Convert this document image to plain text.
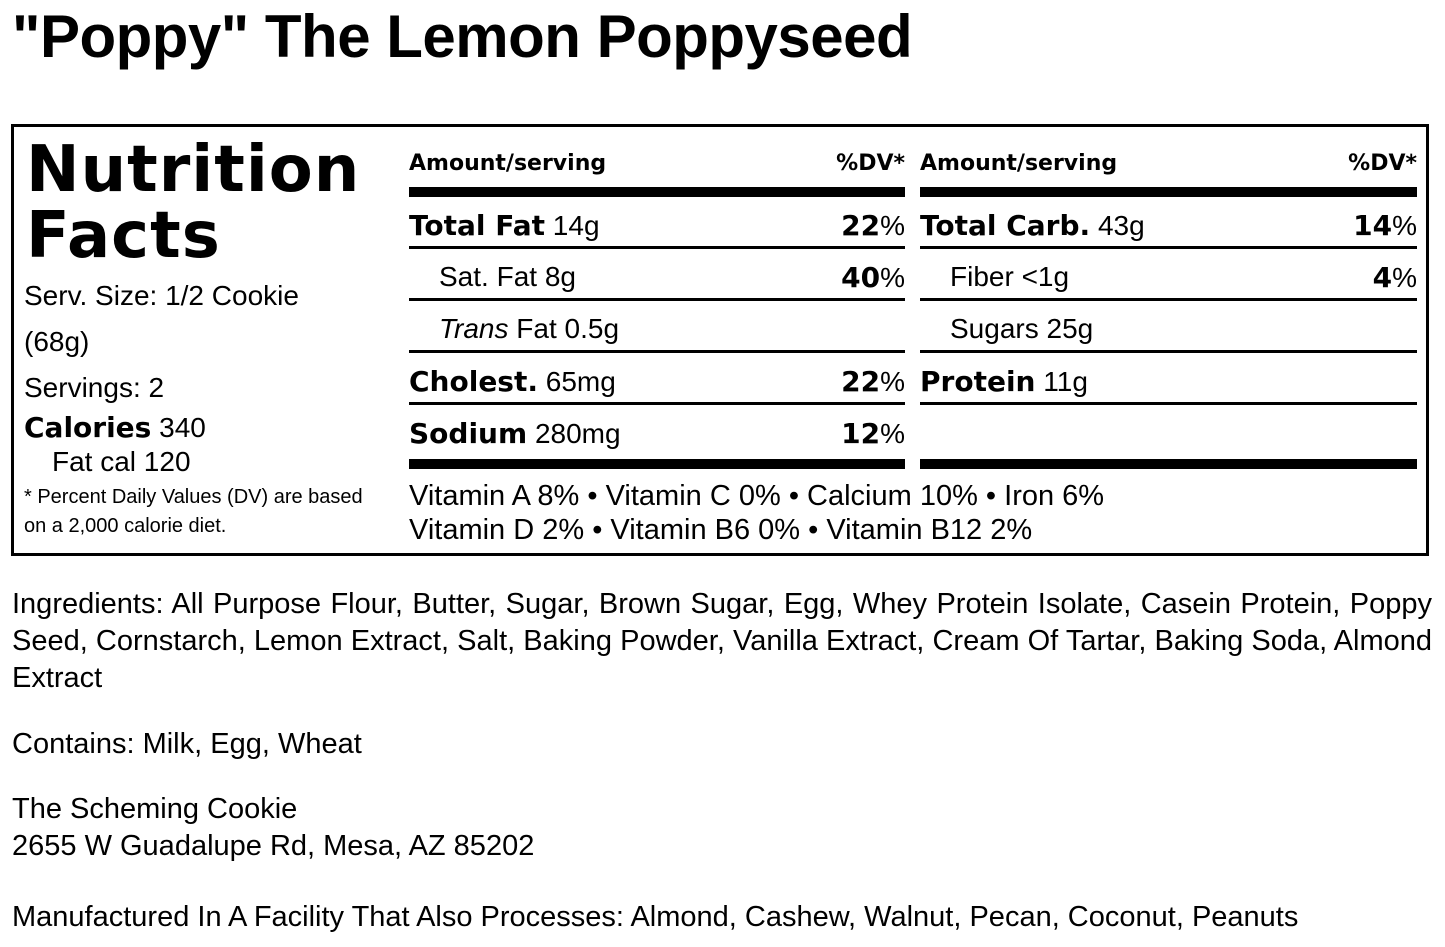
"Poppy" The Lemon Poppyseed
Nutrition
Facts
Serv. Size: 1/2 Cookie
(68g)
Servings: 2
Calories 340
Fat cal 120
* Percent Daily Values (DV) are based on a 2,000 calorie diet.
Amount/serving	%DV*
Total Fat 14g	22%
Sat. Fat 8g	40%
Trans Fat 0.5g
Cholest. 65mg	22%
Sodium 280mg	12%
Amount/serving	%DV*
Total Carb. 43g	14%
Fiber <1g	4%
Sugars 25g
Protein 11g
Vitamin A 8% • Vitamin C 0% • Calcium 10% • Iron 6%
Vitamin D 2% • Vitamin B6 0% • Vitamin B12 2%
Ingredients: All Purpose Flour, Butter, Sugar, Brown Sugar, Egg, Whey Protein Isolate, Casein Protein, Poppy Seed, Cornstarch, Lemon Extract, Salt, Baking Powder, Vanilla Extract, Cream Of Tartar, Baking Soda, Almond Extract
Contains: Milk, Egg, Wheat
The Scheming Cookie
2655 W Guadalupe Rd, Mesa, AZ 85202
Manufactured In A Facility That Also Processes: Almond, Cashew, Walnut, Pecan, Coconut, Peanuts
